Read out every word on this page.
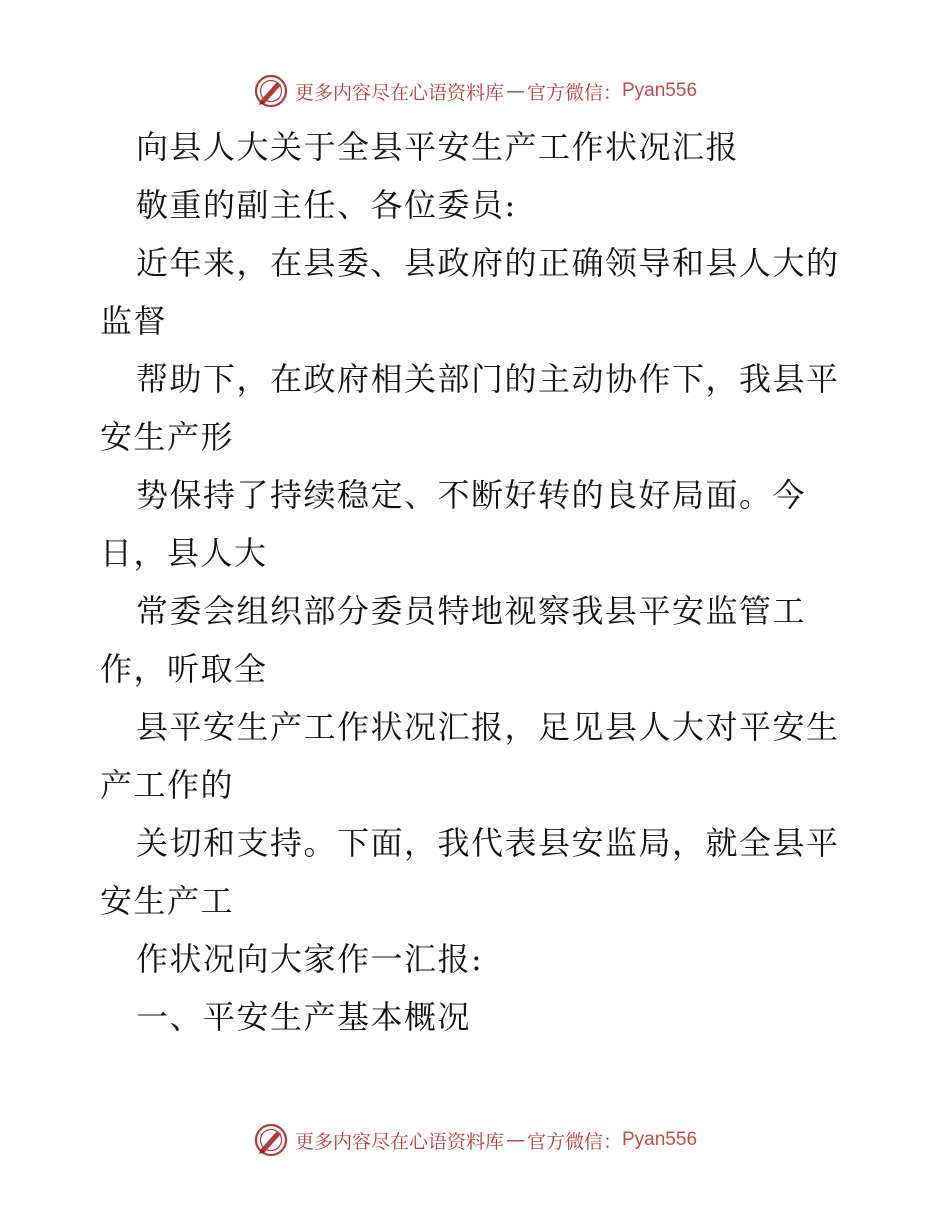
更多内容尽在心语资料库 — 官方微信： Pyan556
向县人大关于全县平安生产工作状况汇报
敬重的副主任、各位委员:
近年来，在县委、县政府的正确领导和县人大的
监督
帮助下，在政府相关部门的主动协作下，我县平
安生产形
势保持了持续稳定、不断好转的良好局面。今
日，县人大
常委会组织部分委员特地视察我县平安监管工
作，听取全
县平安生产工作状况汇报，足见县人大对平安生
产工作的
关切和支持。下面，我代表县安监局，就全县平
安生产工
作状况向大家作一汇报:
一、平安生产基本概况
更多内容尽在心语资料库 — 官方微信： Pyan556
